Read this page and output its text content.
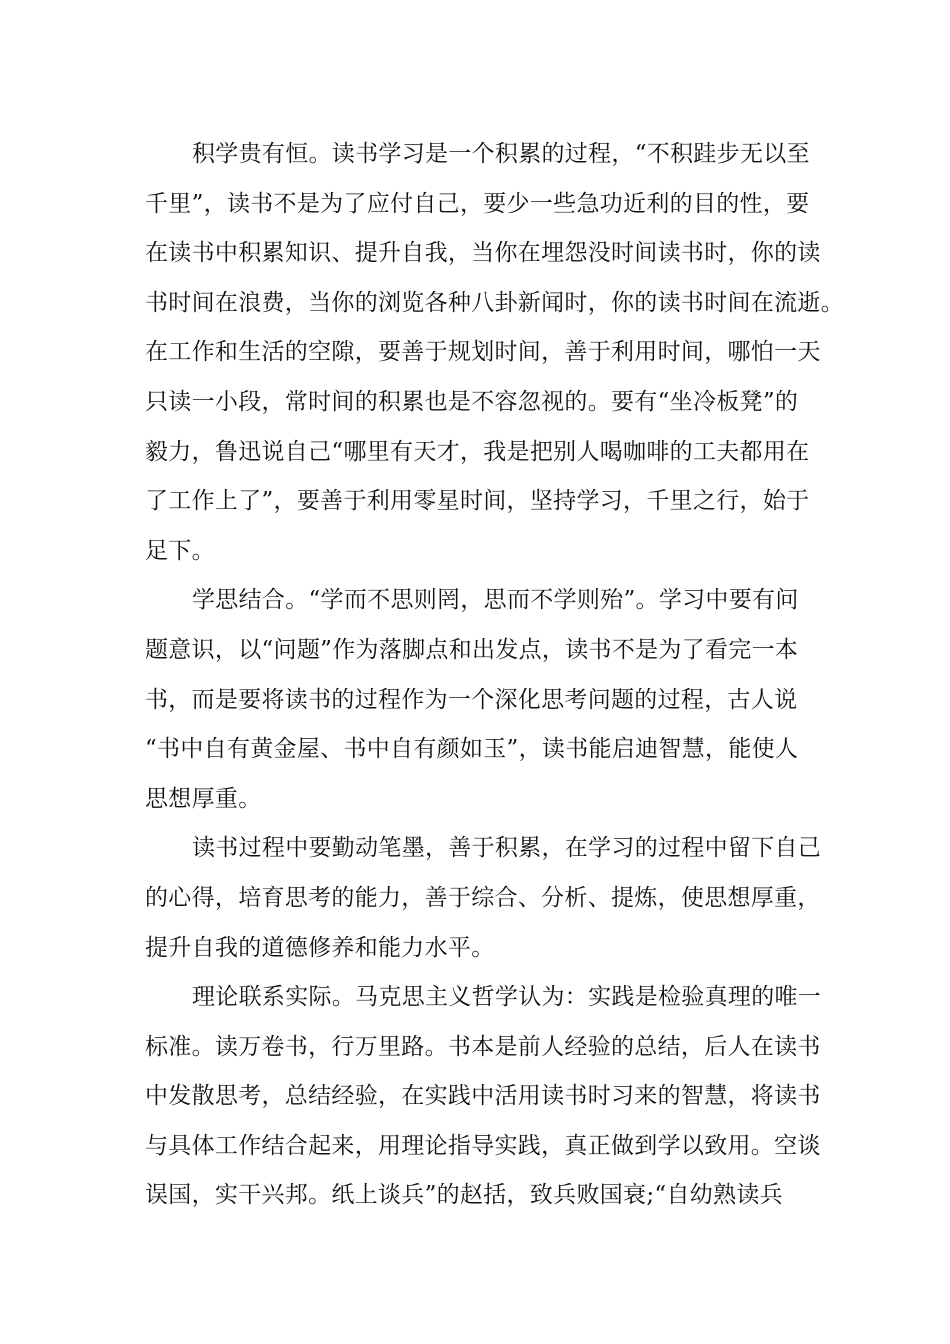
积学贵有恒。读书学习是一个积累的过程，“不积跬步无以至
千里”，读书不是为了应付自己，要少一些急功近利的目的性，要
在读书中积累知识、提升自我，当你在埋怨没时间读书时，你的读
书时间在浪费，当你的浏览各种八卦新闻时，你的读书时间在流逝。
在工作和生活的空隙，要善于规划时间，善于利用时间，哪怕一天
只读一小段，常时间的积累也是不容忽视的。要有“坐冷板凳”的
毅力，鲁迅说自己“哪里有天才，我是把别人喝咖啡的工夫都用在
了工作上了”，要善于利用零星时间，坚持学习，千里之行，始于
足下。
学思结合。“学而不思则罔，思而不学则殆”。学习中要有问
题意识，以“问题”作为落脚点和出发点，读书不是为了看完一本
书，而是要将读书的过程作为一个深化思考问题的过程，古人说
“书中自有黄金屋、书中自有颜如玉”，读书能启迪智慧，能使人
思想厚重。
读书过程中要勤动笔墨，善于积累，在学习的过程中留下自己
的心得，培育思考的能力，善于综合、分析、提炼，使思想厚重，
提升自我的道德修养和能力水平。
理论联系实际。马克思主义哲学认为：实践是检验真理的唯一
标准。读万卷书，行万里路。书本是前人经验的总结，后人在读书
中发散思考，总结经验，在实践中活用读书时习来的智慧，将读书
与具体工作结合起来，用理论指导实践，真正做到学以致用。空谈
误国，实干兴邦。纸上谈兵”的赵括，致兵败国衰;“自幼熟读兵
